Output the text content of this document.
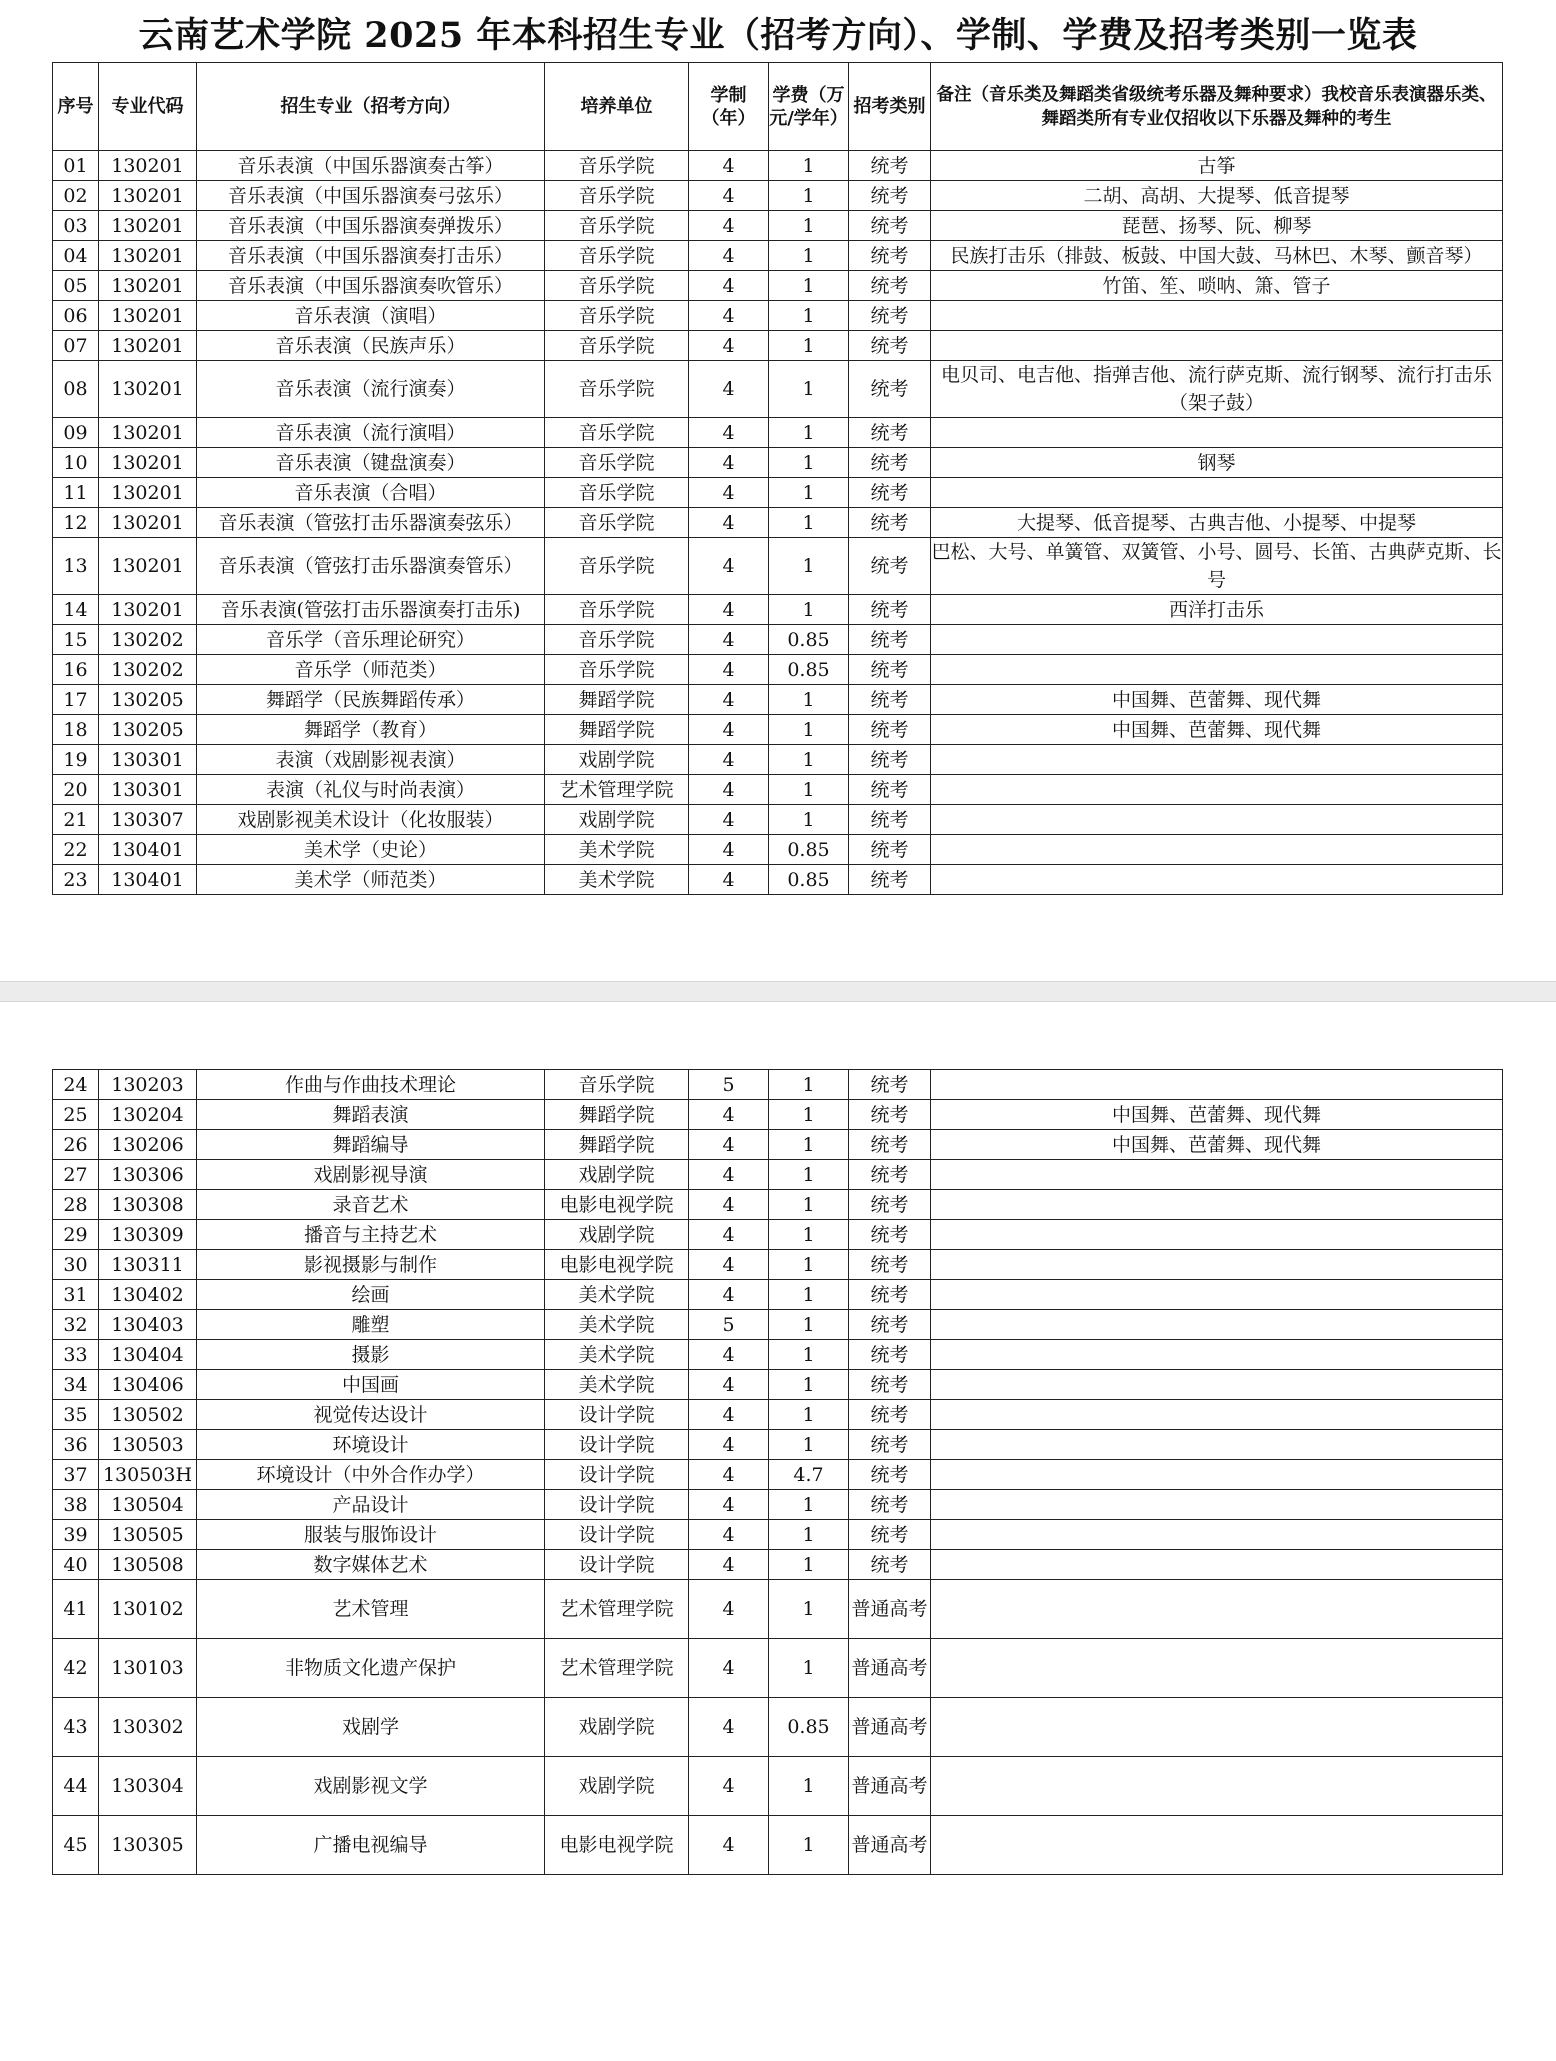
云南艺术学院 2025 年本科招生专业（招考方向）、学制、学费及招考类别一览表
序号	专业代码	招生专业（招考方向）	培养单位	学制（年）	学费（万元/学年）	招考类别	备注（音乐类及舞蹈类省级统考乐器及舞种要求）我校音乐表演器乐类、舞蹈类所有专业仅招收以下乐器及舞种的考生
01	130201	音乐表演（中国乐器演奏古筝）	音乐学院	4	1	统考	古筝
02	130201	音乐表演（中国乐器演奏弓弦乐）	音乐学院	4	1	统考	二胡、高胡、大提琴、低音提琴
03	130201	音乐表演（中国乐器演奏弹拨乐）	音乐学院	4	1	统考	琵琶、扬琴、阮、柳琴
04	130201	音乐表演（中国乐器演奏打击乐）	音乐学院	4	1	统考	民族打击乐（排鼓、板鼓、中国大鼓、马林巴、木琴、颤音琴）
05	130201	音乐表演（中国乐器演奏吹管乐）	音乐学院	4	1	统考	竹笛、笙、唢呐、箫、管子
06	130201	音乐表演（演唱）	音乐学院	4	1	统考	
07	130201	音乐表演（民族声乐）	音乐学院	4	1	统考	
08	130201	音乐表演（流行演奏）	音乐学院	4	1	统考	电贝司、电吉他、指弹吉他、流行萨克斯、流行钢琴、流行打击乐（架子鼓）
09	130201	音乐表演（流行演唱）	音乐学院	4	1	统考	
10	130201	音乐表演（键盘演奏）	音乐学院	4	1	统考	钢琴
11	130201	音乐表演（合唱）	音乐学院	4	1	统考	
12	130201	音乐表演（管弦打击乐器演奏弦乐）	音乐学院	4	1	统考	大提琴、低音提琴、古典吉他、小提琴、中提琴
13	130201	音乐表演（管弦打击乐器演奏管乐）	音乐学院	4	1	统考	巴松、大号、单簧管、双簧管、小号、圆号、长笛、古典萨克斯、长号
14	130201	音乐表演(管弦打击乐器演奏打击乐)	音乐学院	4	1	统考	西洋打击乐
15	130202	音乐学（音乐理论研究）	音乐学院	4	0.85	统考	
16	130202	音乐学（师范类）	音乐学院	4	0.85	统考	
17	130205	舞蹈学（民族舞蹈传承）	舞蹈学院	4	1	统考	中国舞、芭蕾舞、现代舞
18	130205	舞蹈学（教育）	舞蹈学院	4	1	统考	中国舞、芭蕾舞、现代舞
19	130301	表演（戏剧影视表演）	戏剧学院	4	1	统考	
20	130301	表演（礼仪与时尚表演）	艺术管理学院	4	1	统考	
21	130307	戏剧影视美术设计（化妆服装）	戏剧学院	4	1	统考	
22	130401	美术学（史论）	美术学院	4	0.85	统考	
23	130401	美术学（师范类）	美术学院	4	0.85	统考	
24	130203	作曲与作曲技术理论	音乐学院	5	1	统考	
25	130204	舞蹈表演	舞蹈学院	4	1	统考	中国舞、芭蕾舞、现代舞
26	130206	舞蹈编导	舞蹈学院	4	1	统考	中国舞、芭蕾舞、现代舞
27	130306	戏剧影视导演	戏剧学院	4	1	统考	
28	130308	录音艺术	电影电视学院	4	1	统考	
29	130309	播音与主持艺术	戏剧学院	4	1	统考	
30	130311	影视摄影与制作	电影电视学院	4	1	统考	
31	130402	绘画	美术学院	4	1	统考	
32	130403	雕塑	美术学院	5	1	统考	
33	130404	摄影	美术学院	4	1	统考	
34	130406	中国画	美术学院	4	1	统考	
35	130502	视觉传达设计	设计学院	4	1	统考	
36	130503	环境设计	设计学院	4	1	统考	
37	130503H	环境设计（中外合作办学）	设计学院	4	4.7	统考	
38	130504	产品设计	设计学院	4	1	统考	
39	130505	服装与服饰设计	设计学院	4	1	统考	
40	130508	数字媒体艺术	设计学院	4	1	统考	
41	130102	艺术管理	艺术管理学院	4	1	普通高考	
42	130103	非物质文化遗产保护	艺术管理学院	4	1	普通高考	
43	130302	戏剧学	戏剧学院	4	0.85	普通高考	
44	130304	戏剧影视文学	戏剧学院	4	1	普通高考	
45	130305	广播电视编导	电影电视学院	4	1	普通高考	
